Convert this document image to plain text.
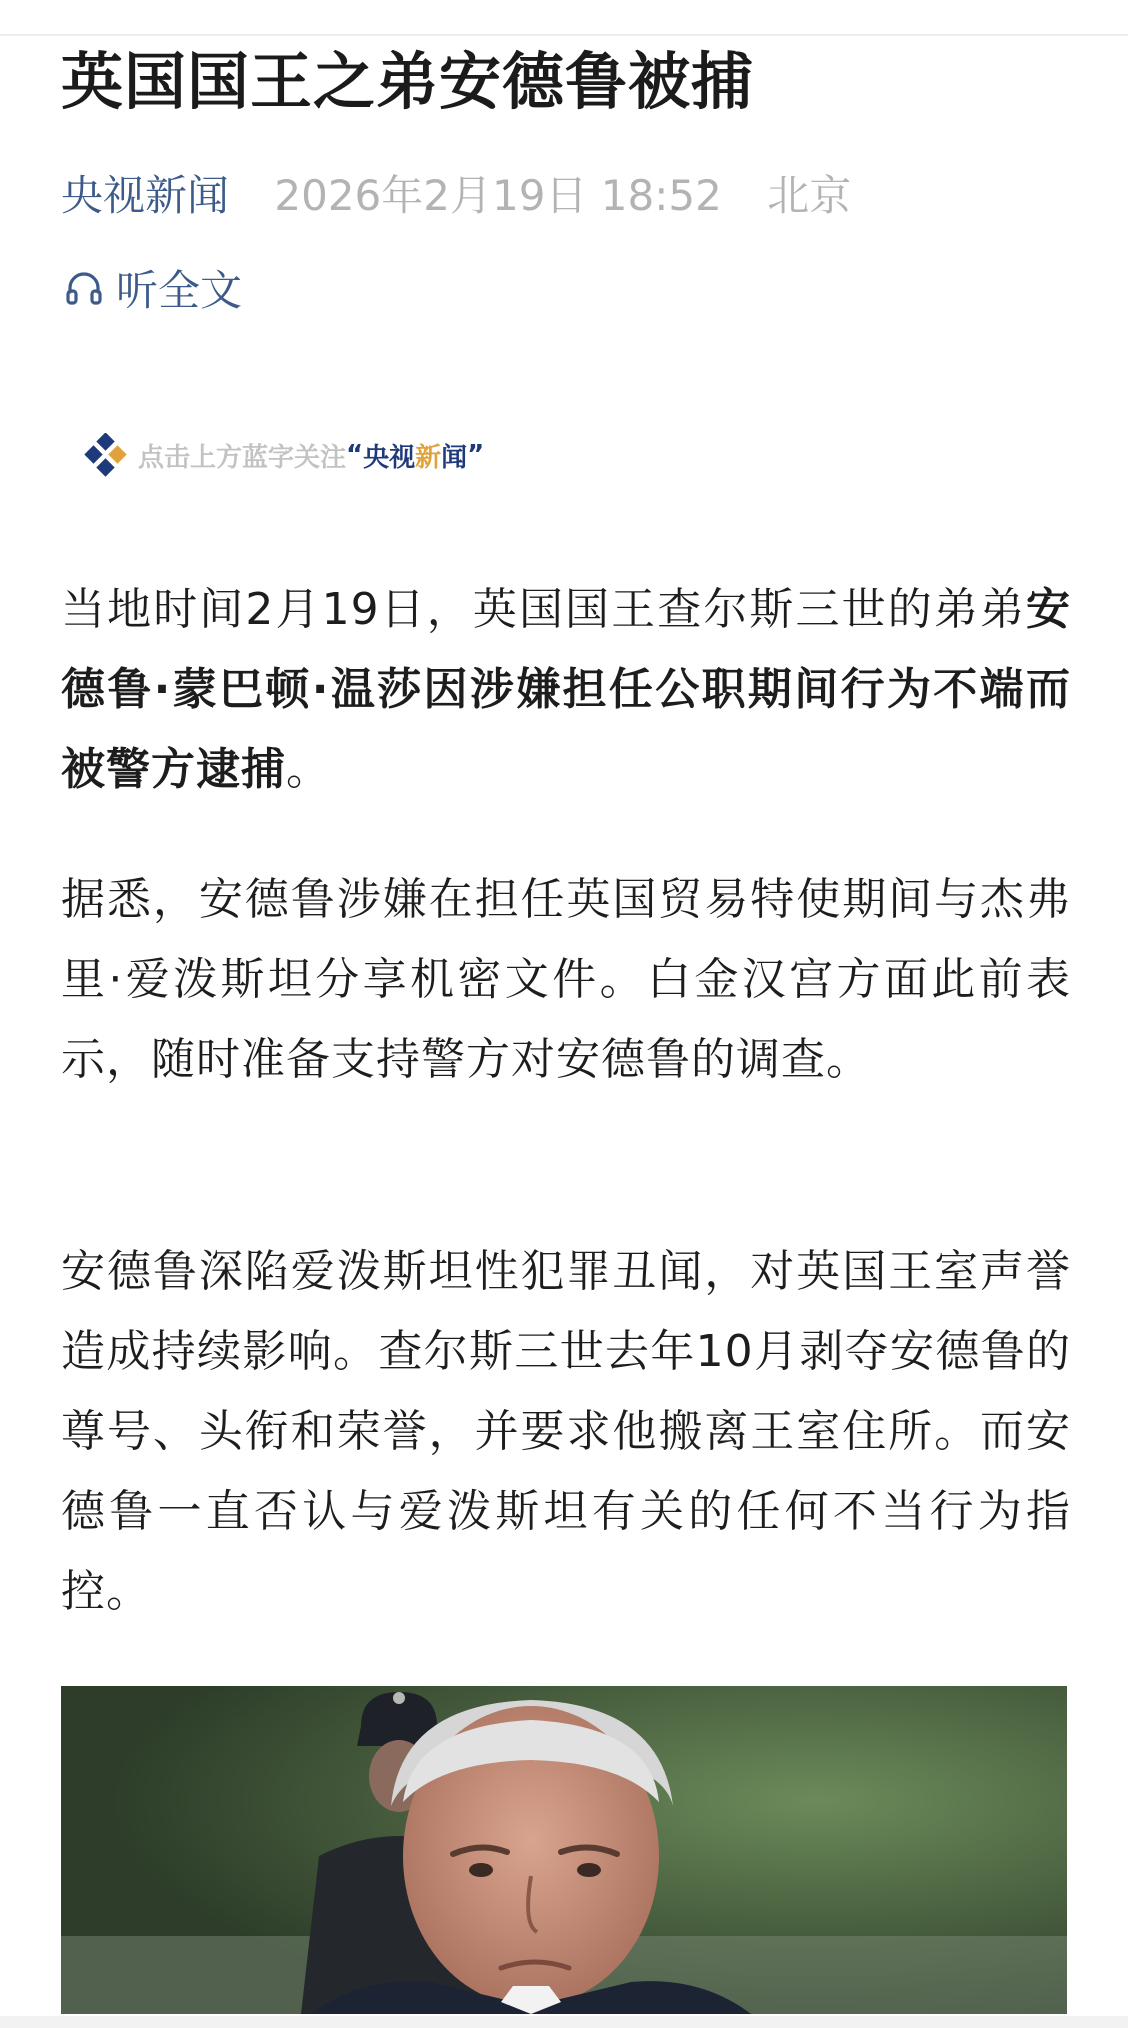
英国国王之弟安德鲁被捕
央视新闻 2026年2月19日 18:52 北京
听全文
点击上方蓝字关注 “ 央视 新 闻 ”
当地时间2月19日，英国国王查尔斯三世的弟弟安德鲁·蒙巴顿·温莎因涉嫌担任公职期间行为不端而被警方逮捕。
据悉，安德鲁涉嫌在担任英国贸易特使期间与杰弗里·爱泼斯坦分享机密文件。白金汉宫方面此前表示，随时准备支持警方对安德鲁的调查。
安德鲁深陷爱泼斯坦性犯罪丑闻，对英国王室声誉造成持续影响。查尔斯三世去年10月剥夺安德鲁的尊号、头衔和荣誉，并要求他搬离王室住所。而安德鲁一直否认与爱泼斯坦有关的任何不当行为指控。
